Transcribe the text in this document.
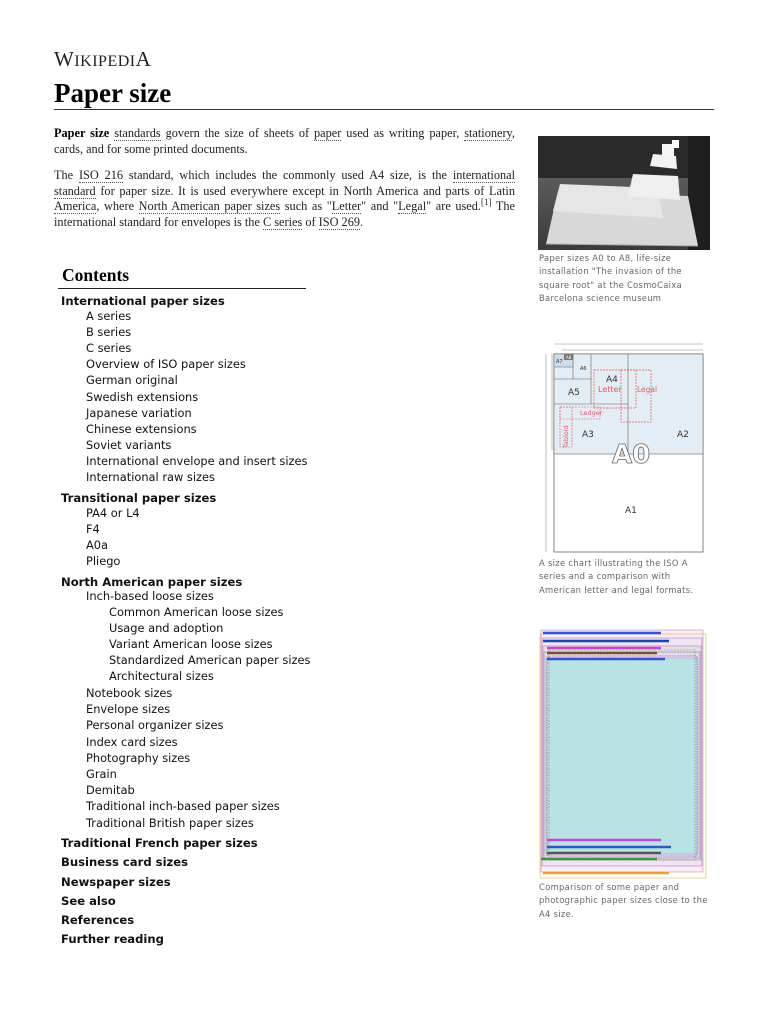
WIKIPEDIA
Paper size

Paper size standards govern the size of sheets of paper used as writing paper, stationery, cards, and for some printed documents.

The ISO 216 standard, which includes the commonly used A4 size, is the international standard for paper size. It is used everywhere except in North America and parts of Latin America, where North American paper sizes such as "Letter" and "Legal" are used.[1] The international standard for envelopes is the C series of ISO 269.

Contents
International paper sizes
A series
B series
C series
Overview of ISO paper sizes
German original
Swedish extensions
Japanese variation
Chinese extensions
Soviet variants
International envelope and insert sizes
International raw sizes
Transitional paper sizes
PA4 or L4
F4
A0a
Pliego
North American paper sizes
Inch-based loose sizes
Common American loose sizes
Usage and adoption
Variant American loose sizes
Standardized American paper sizes
Architectural sizes
Notebook sizes
Envelope sizes
Personal organizer sizes
Index card sizes
Photography sizes
Grain
Demitab
Traditional inch-based paper sizes
Traditional British paper sizes
Traditional French paper sizes
Business card sizes
Newspaper sizes
See also
References
Further reading

Paper sizes A0 to A8, life-size installation "The invasion of the square root" at the CosmoCaixa Barcelona science museum

A8
A7
A6
A5
A4
Letter Legal
Ledger
Tabloid A3	A2
A0
A1

A size chart illustrating the ISO A series and a comparison with American letter and legal formats.

Comparison of some paper and photographic paper sizes close to the A4 size.
